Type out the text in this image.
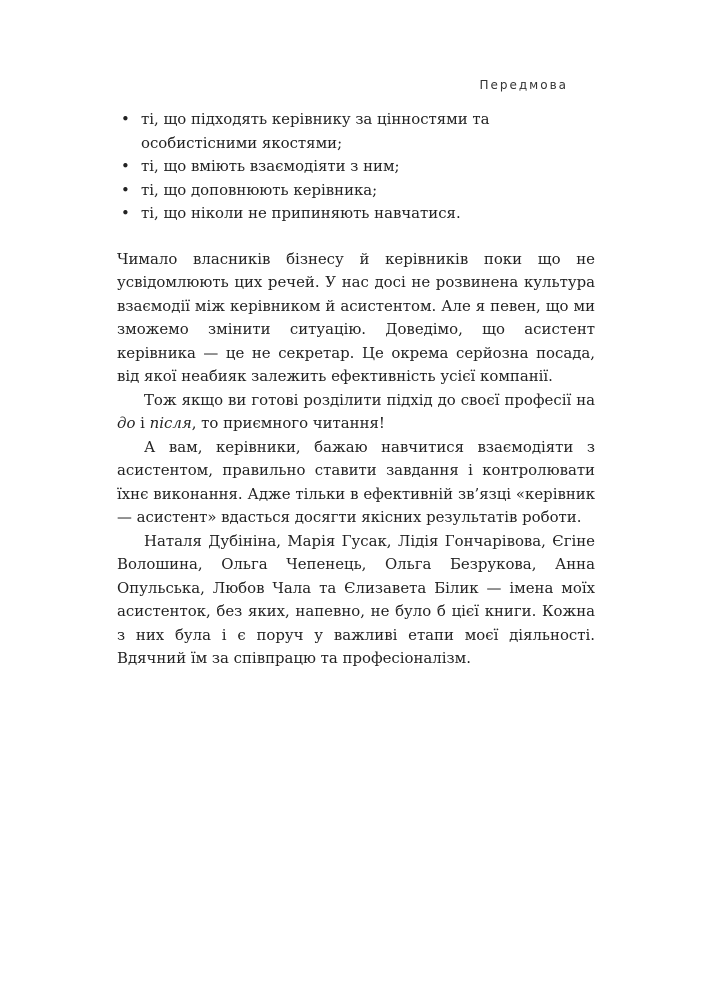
Передмова
• ті, що підходять керівнику за цінностями та особистісними якостями;
• ті, що вміють взаємодіяти з ним;
• ті, що доповнюють керівника;
• ті, що ніколи не припиняють навчатися.

Чимало власників бізнесу й керівників поки що не усвідомлюють цих речей. У нас досі не розвинена культура взаємодії між керівником й асистентом. Але я певен, що ми зможемо змінити ситуацію. Доведімо, що асистент керівника — це не секретар. Це окрема серйозна посада, від якої неабияк залежить ефективність усієї компанії.

Тож якщо ви готові розділити підхід до своєї професії на до і після, то приємного читання!

А вам, керівники, бажаю навчитися взаємодіяти з асистентом, правильно ставити завдання і контролювати їхнє виконання. Адже тільки в ефективній зв’язці «керівник — асистент» вдасться досягти якісних результатів роботи.

Наталя Дубініна, Марія Гусак, Лідія Гончарівова, Єгіне Волошина, Ольга Чепенець, Ольга Безрукова, Анна Опульська, Любов Чала та Єлизавета Білик — імена моїх асистенток, без яких, напевно, не було б цієї книги. Кожна з них була і є поруч у важливі етапи моєї діяльності. Вдячний їм за співпрацю та професіоналізм.
